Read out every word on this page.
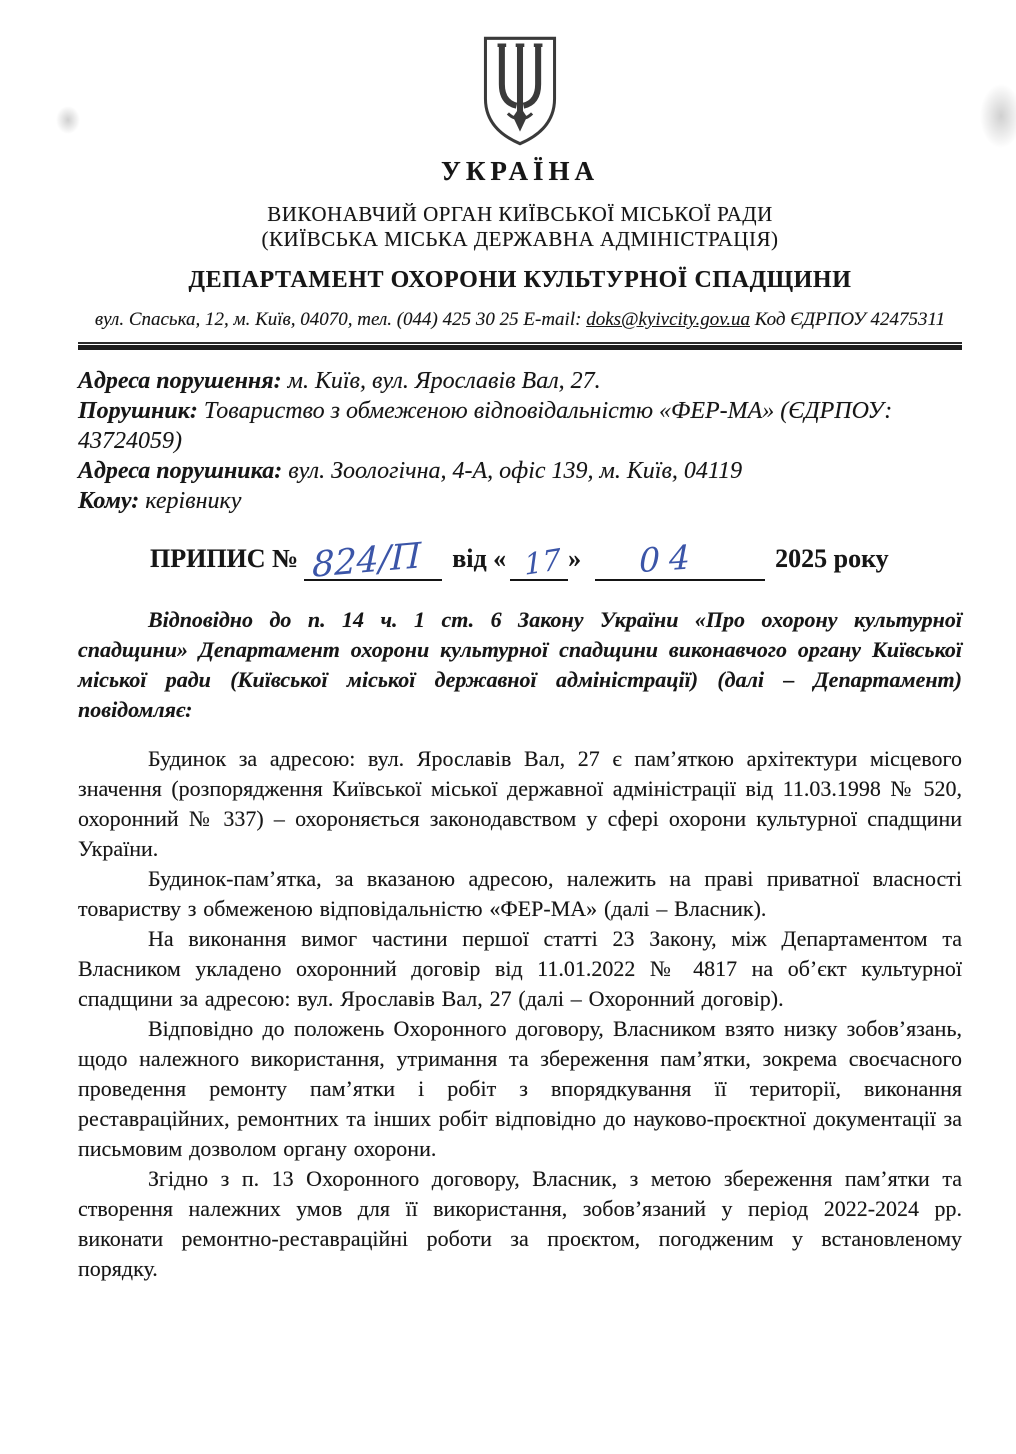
УКРАЇНА
ВИКОНАВЧИЙ ОРГАН КИЇВСЬКОЇ МІСЬКОЇ РАДИ
(КИЇВСЬКА МІСЬКА ДЕРЖАВНА АДМІНІСТРАЦІЯ)
ДЕПАРТАМЕНТ ОХОРОНИ КУЛЬТУРНОЇ СПАДЩИНИ
вул. Спаська, 12, м. Київ, 04070, тел. (044) 425 30 25 E-mail: doks@kyivcity.gov.ua Код ЄДРПОУ 42475311
Адреса порушення: м. Київ, вул. Ярославів Вал, 27.
Порушник: Товариство з обмеженою відповідальністю «ФЕР-МА» (ЄДРПОУ:
43724059)
Адреса порушника: вул. Зоологічна, 4-А, офіс 139, м. Київ, 04119
Кому: керівнику
ПРИПИС № 824/П від « 17 » 04	2025 року

Відповідно до п. 14 ч. 1 ст. 6 Закону України «Про охорону культурної спадщини» Департамент охорони культурної спадщини виконавчого органу Київської міської ради (Київської міської державної адміністрації) (далі – Департамент) повідомляє:

Будинок за адресою: вул. Ярославів Вал, 27 є пам’яткою архітектури місцевого значення (розпорядження Київської міської державної адміністрації від 11.03.1998 № 520, охоронний № 337) – охороняється законодавством у сфері охорони культурної спадщини України.

Будинок-пам’ятка, за вказаною адресою, належить на праві приватної власності товариству з обмеженою відповідальністю «ФЕР-МА» (далі – Власник).

На виконання вимог частини першої статті 23 Закону, між Департаментом та Власником укладено охоронний договір від 11.01.2022 № 4817 на об’єкт культурної спадщини за адресою: вул. Ярославів Вал, 27 (далі – Охоронний договір).

Відповідно до положень Охоронного договору, Власником взято низку зобов’язань, щодо належного використання, утримання та збереження пам’ятки, зокрема своєчасного проведення ремонту пам’ятки і робіт з впорядкування її території, виконання реставраційних, ремонтних та інших робіт відповідно до науково-проєктної документації за письмовим дозволом органу охорони.

Згідно з п. 13 Охоронного договору, Власник, з метою збереження пам’ятки та створення належних умов для її використання, зобов’язаний у період 2022-2024 рр. виконати ремонтно-реставраційні роботи за проєктом, погодженим у встановленому порядку.
